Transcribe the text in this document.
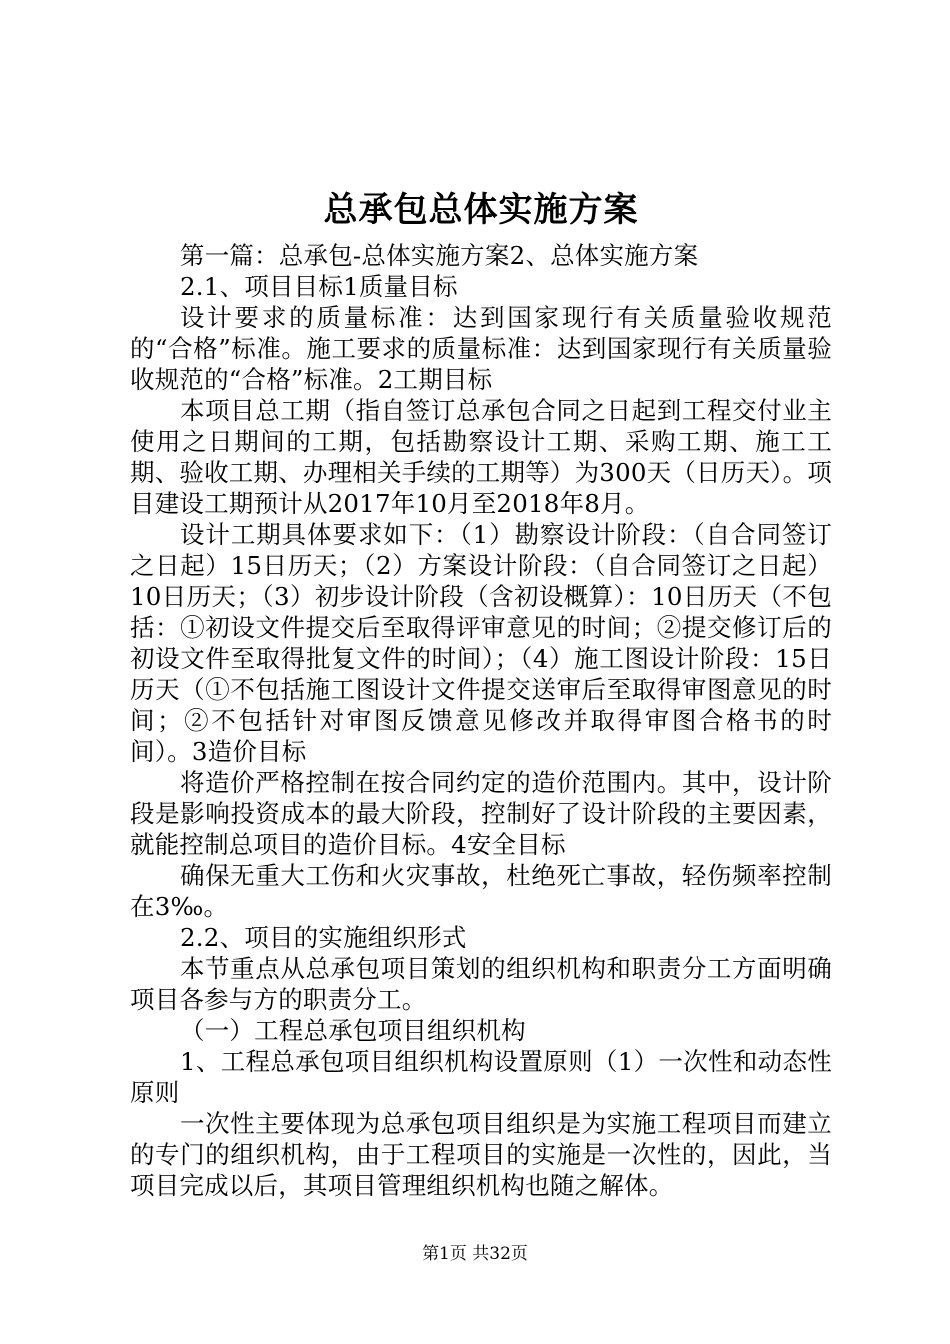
总承包总体实施方案

第一篇：总承包-总体实施方案2、总体实施方案

2.1、项目目标1质量目标

设计要求的质量标准：达到国家现行有关质量验收规范的“合格”标准。施工要求的质量标准：达到国家现行有关质量验收规范的“合格”标准。2工期目标

本项目总工期（指自签订总承包合同之日起到工程交付业主使用之日期间的工期，包括勘察设计工期、采购工期、施工工期、验收工期、办理相关手续的工期等）为300天（日历天）。项目建设工期预计从2017年10月至2018年8月。

设计工期具体要求如下：（1）勘察设计阶段：（自合同签订之日起）15日历天；（2）方案设计阶段：（自合同签订之日起）10日历天；（3）初步设计阶段（含初设概算）：10日历天（不包括：①初设文件提交后至取得评审意见的时间；②提交修订后的初设文件至取得批复文件的时间）；（4）施工图设计阶段：15日历天（①不包括施工图设计文件提交送审后至取得审图意见的时间；②不包括针对审图反馈意见修改并取得审图合格书的时间）。3造价目标

将造价严格控制在按合同约定的造价范围内。其中，设计阶段是影响投资成本的最大阶段，控制好了设计阶段的主要因素，就能控制总项目的造价目标。4安全目标

确保无重大工伤和火灾事故，杜绝死亡事故，轻伤频率控制在3‰。

2.2、项目的实施组织形式

本节重点从总承包项目策划的组织机构和职责分工方面明确项目各参与方的职责分工。

（一）工程总承包项目组织机构

1、工程总承包项目组织机构设置原则（1）一次性和动态性原则

一次性主要体现为总承包项目组织是为实施工程项目而建立的专门的组织机构，由于工程项目的实施是一次性的，因此，当项目完成以后，其项目管理组织机构也随之解体。

第1页 共32页
